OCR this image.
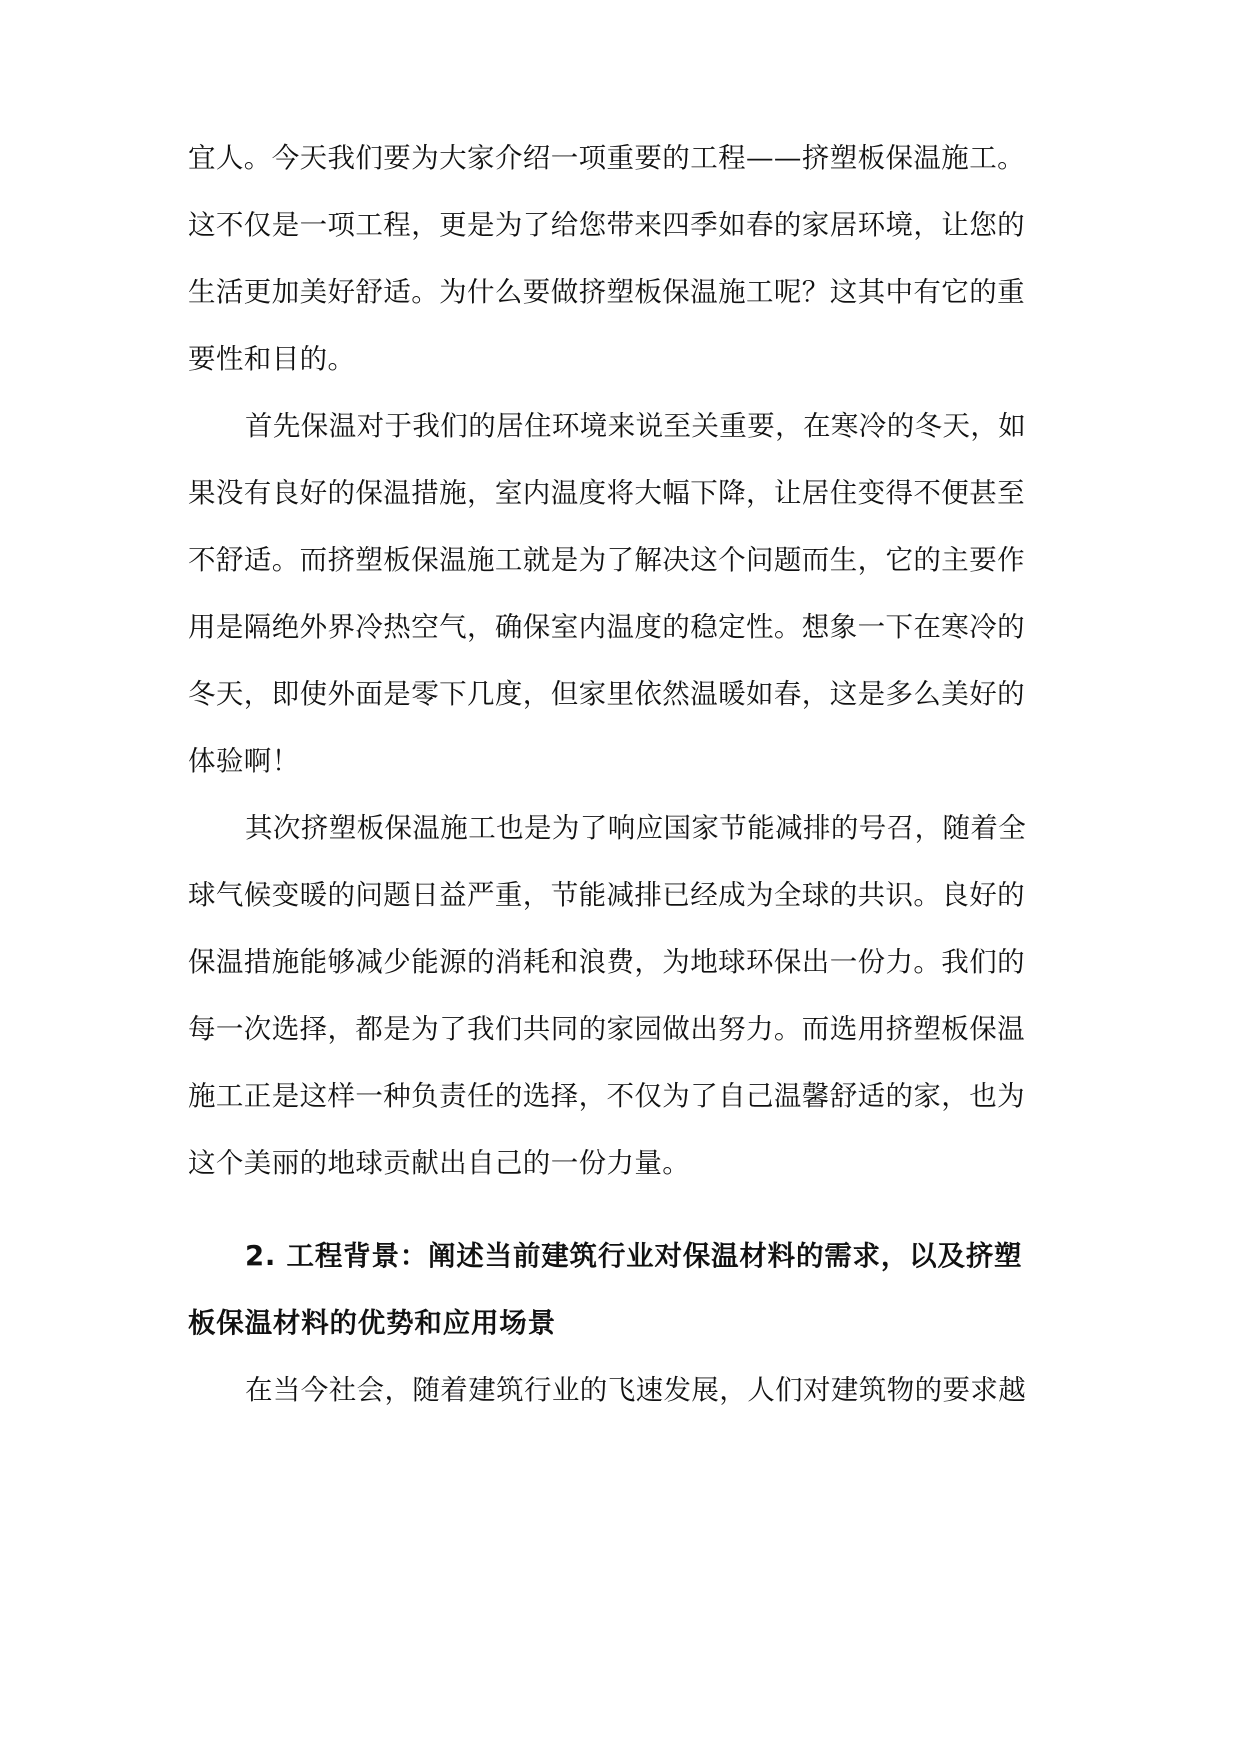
宜人。今天我们要为大家介绍一项重要的工程——挤塑板保温施工。
这不仅是一项工程，更是为了给您带来四季如春的家居环境，让您的
生活更加美好舒适。为什么要做挤塑板保温施工呢？这其中有它的重
要性和目的。
首先保温对于我们的居住环境来说至关重要，在寒冷的冬天，如
果没有良好的保温措施，室内温度将大幅下降，让居住变得不便甚至
不舒适。而挤塑板保温施工就是为了解决这个问题而生，它的主要作
用是隔绝外界冷热空气，确保室内温度的稳定性。想象一下在寒冷的
冬天，即使外面是零下几度，但家里依然温暖如春，这是多么美好的
体验啊！
其次挤塑板保温施工也是为了响应国家节能减排的号召，随着全
球气候变暖的问题日益严重，节能减排已经成为全球的共识。良好的
保温措施能够减少能源的消耗和浪费，为地球环保出一份力。我们的
每一次选择，都是为了我们共同的家园做出努力。而选用挤塑板保温
施工正是这样一种负责任的选择，不仅为了自己温馨舒适的家，也为
这个美丽的地球贡献出自己的一份力量。
2. 工程背景：阐述当前建筑行业对保温材料的需求，以及挤塑
板保温材料的优势和应用场景
在当今社会，随着建筑行业的飞速发展，人们对建筑物的要求越
